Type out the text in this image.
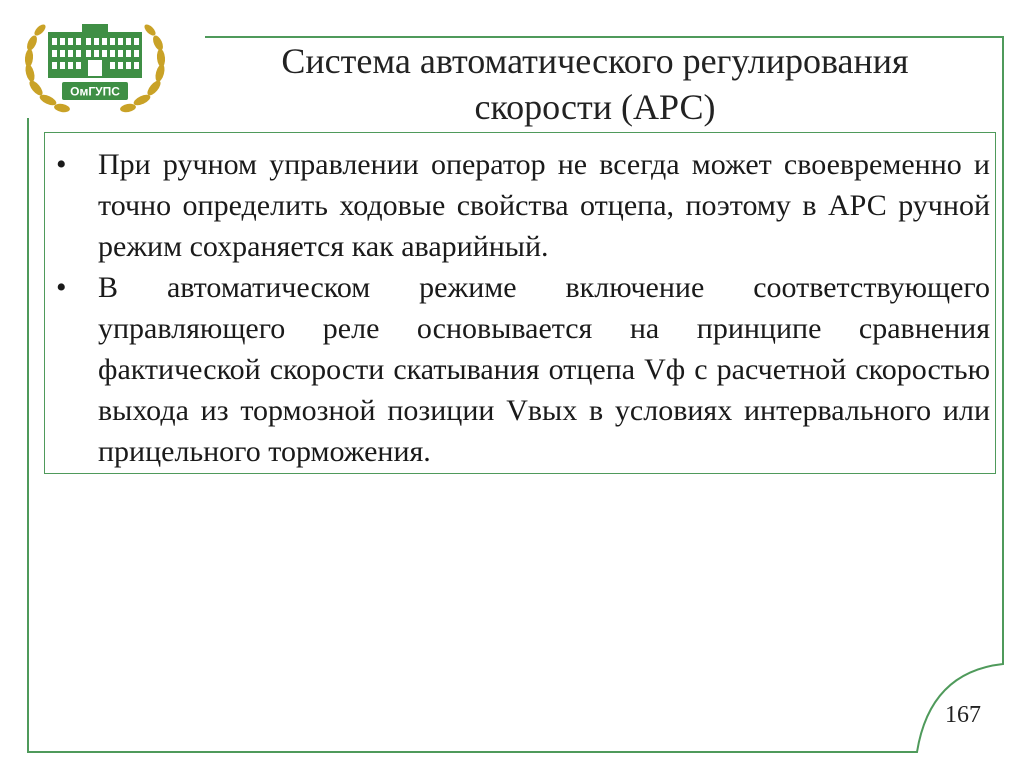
ОмГУПС
Система автоматического регулирования
скорости (АРС)
•	При ручном управлении оператор не всегда может своевременно и точно определить ходовые свойства отцепа, поэтому в АРС ручной режим сохраняется как аварийный.
•	В автоматическом режиме включение соответствующего управляющего реле основывается на принципе сравнения фактической скорости скатывания отцепа Vф с расчетной скоростью выхода из тормозной позиции Vвых в условиях интервального или прицельного торможения.
167
